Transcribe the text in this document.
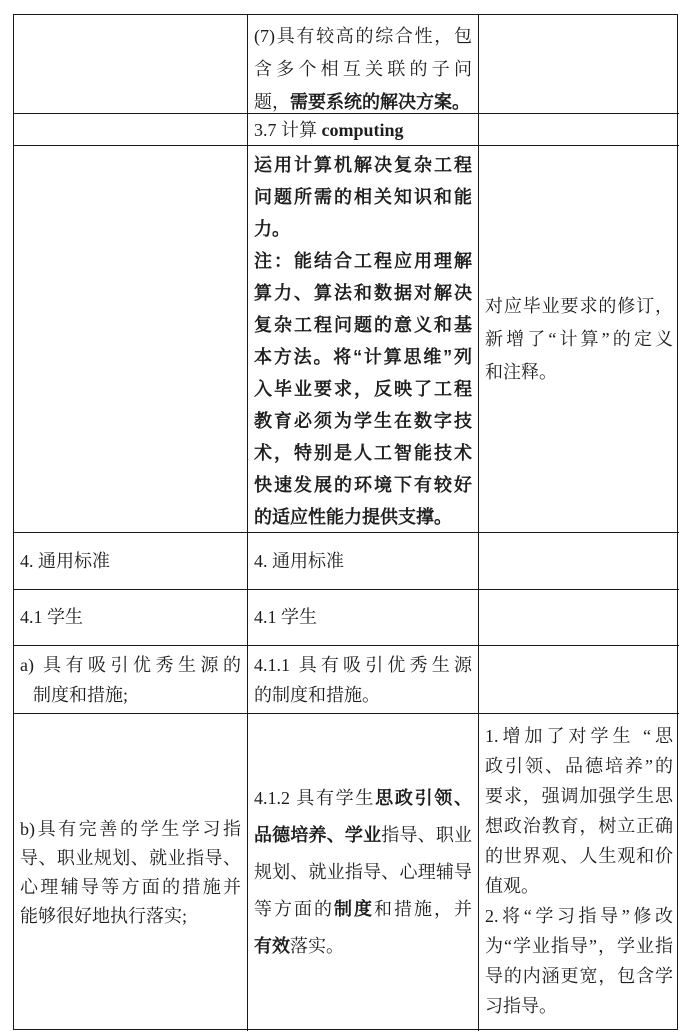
(7)具有较高的综合性，包
含多个相互关联的子问
题，需要系统的解决方案。
3.7 计算 computing
运用计算机解决复杂工程
问题所需的相关知识和能
力。
注：能结合工程应用理解
算力、算法和数据对解决
复杂工程问题的意义和基
本方法。将“计算思维”列
入毕业要求，反映了工程
教育必须为学生在数字技
术，特别是人工智能技术
快速发展的环境下有较好
的适应性能力提供支撑。
对应毕业要求的修订，
新增了“计算”的定义
和注释。
4. 通用标准	4. 通用标准
4.1 学生	4.1 学生
a) 具有吸引优秀生源的
制度和措施;
4.1.1 具有吸引优秀生源
的制度和措施。
b)具有完善的学生学习指
导、职业规划、就业指导、
心理辅导等方面的措施并
能够很好地执行落实;
4.1.2 具有学生思政引领、
品德培养、学业指导、职业
规划、就业指导、心理辅导
等方面的制度和措施，并
有效落实。
1.增加了对学生 “思
政引领、品德培养”的
要求，强调加强学生思
想政治教育，树立正确
的世界观、人生观和价
值观。
2.将“学习指导”修改
为“学业指导”，学业指
导的内涵更宽，包含学
习指导。
